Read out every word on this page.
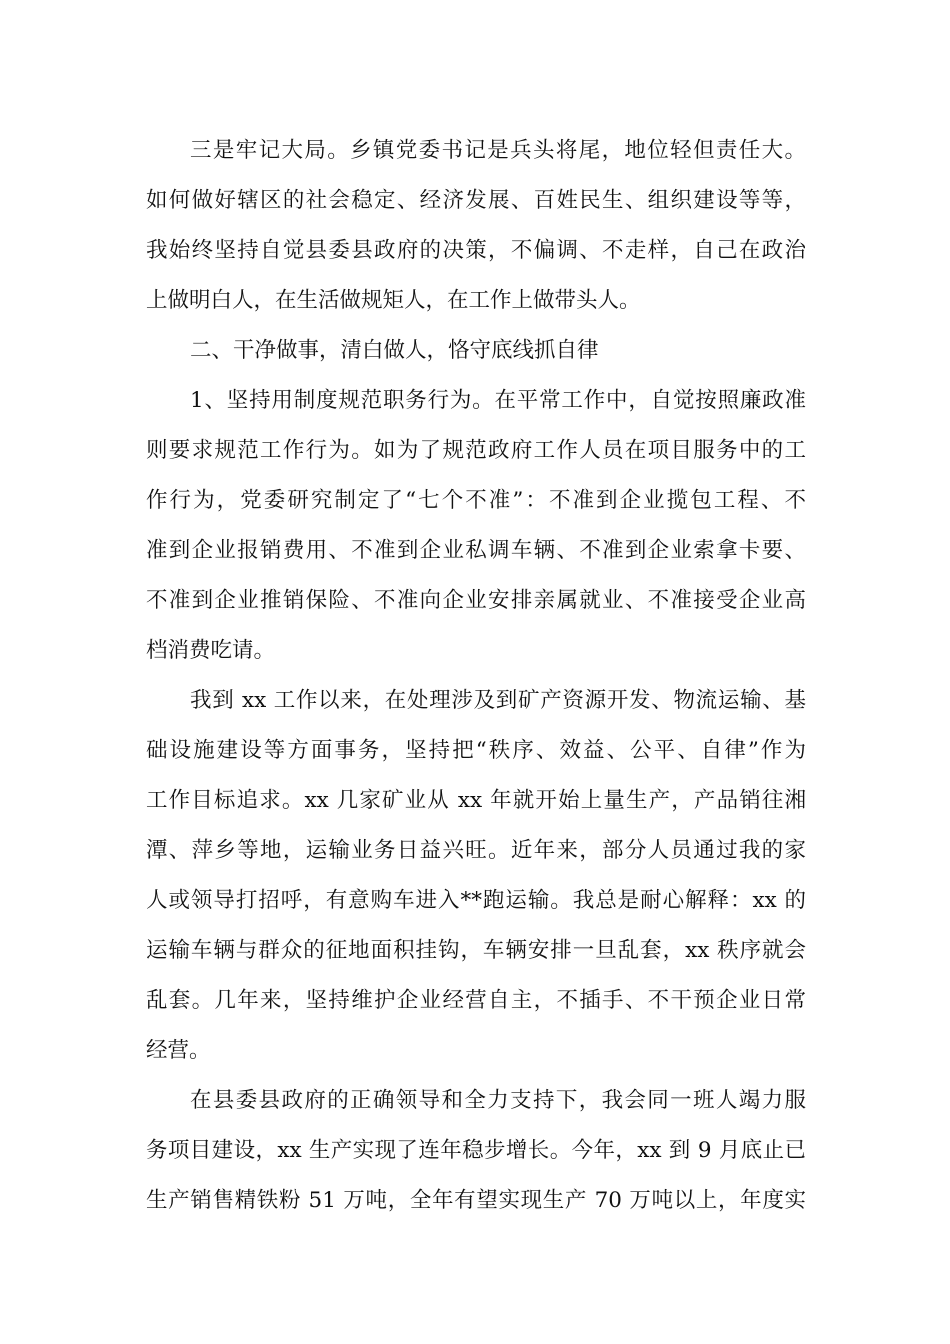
三是牢记大局。乡镇党委书记是兵头将尾，地位轻但责任大。
如何做好辖区的社会稳定、经济发展、百姓民生、组织建设等等，
我始终坚持自觉县委县政府的决策，不偏调、不走样，自己在政治
上做明白人，在生活做规矩人，在工作上做带头人。
二、干净做事，清白做人，恪守底线抓自律
1、坚持用制度规范职务行为。在平常工作中，自觉按照廉政准
则要求规范工作行为。如为了规范政府工作人员在项目服务中的工
作行为，党委研究制定了“七个不准”：不准到企业揽包工程、不
准到企业报销费用、不准到企业私调车辆、不准到企业索拿卡要、
不准到企业推销保险、不准向企业安排亲属就业、不准接受企业高
档消费吃请。
我到 xx 工作以来，在处理涉及到矿产资源开发、物流运输、基
础设施建设等方面事务，坚持把“秩序、效益、公平、自律”作为
工作目标追求。xx 几家矿业从 xx 年就开始上量生产，产品销往湘
潭、萍乡等地，运输业务日益兴旺。近年来，部分人员通过我的家
人或领导打招呼，有意购车进入**跑运输。我总是耐心解释：xx 的
运输车辆与群众的征地面积挂钩，车辆安排一旦乱套，xx 秩序就会
乱套。几年来，坚持维护企业经营自主，不插手、不干预企业日常
经营。
在县委县政府的正确领导和全力支持下，我会同一班人竭力服
务项目建设，xx 生产实现了连年稳步增长。今年，xx 到 9 月底止已
生产销售精铁粉 51 万吨，全年有望实现生产 70 万吨以上，年度实
